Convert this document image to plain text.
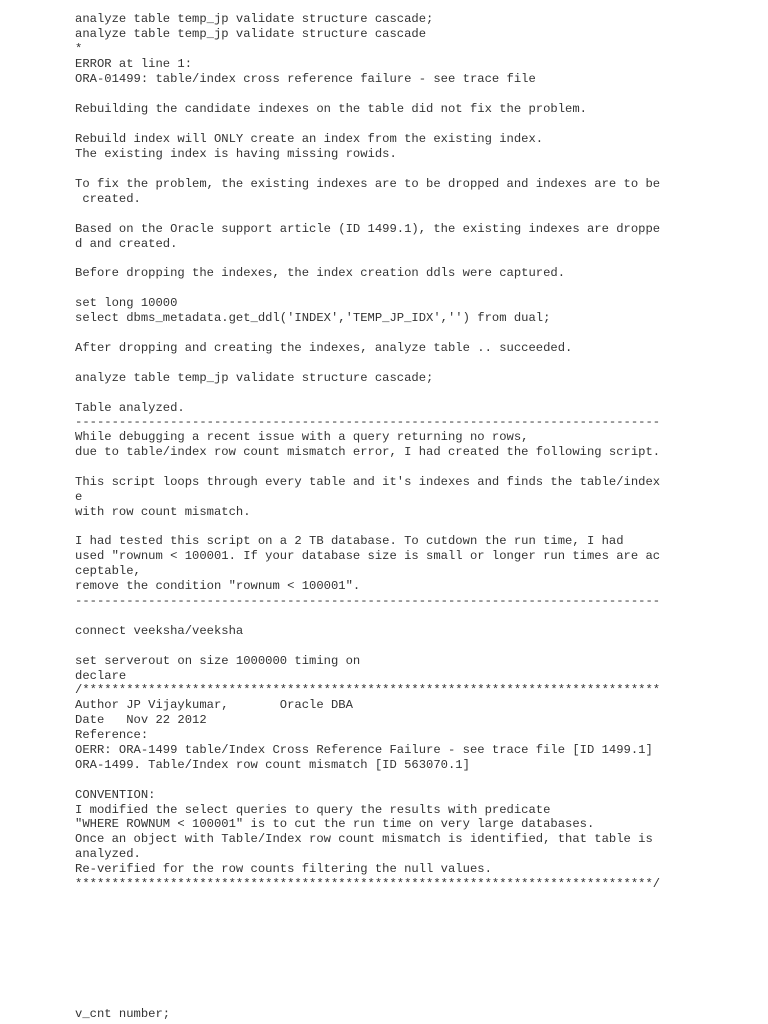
analyze table temp_jp validate structure cascade;

analyze table temp_jp validate structure cascade

*

ERROR at line 1:

ORA-01499: table/index cross reference failure - see trace file

Rebuilding the candidate indexes on the table did not fix the problem.

Rebuild index will ONLY create an index from the existing index.

The existing index is having missing rowids.

To fix the problem, the existing indexes are to be dropped and indexes are to be

created.

Based on the Oracle support article (ID 1499.1), the existing indexes are droppe

d and created.

Before dropping the indexes, the index creation ddls were captured.

set long 10000

select dbms_metadata.get_ddl('INDEX','TEMP_JP_IDX','') from dual;

After dropping and creating the indexes, analyze table .. succeeded.

analyze table temp_jp validate structure cascade;

Table analyzed.

--------------------------------------------------------------------------------

While debugging a recent issue with a query returning no rows,

due to table/index row count mismatch error, I had created the following script.

This script loops through every table and it's indexes and finds the table/index

e

with row count mismatch.

I had tested this script on a 2 TB database. To cutdown the run time, I had

used "rownum < 100001. If your database size is small or longer run times are ac

ceptable,

remove the condition "rownum < 100001".

--------------------------------------------------------------------------------

connect veeksha/veeksha

set serverout on size 1000000 timing on

declare

/*******************************************************************************

Author JP Vijaykumar,       Oracle DBA

Date   Nov 22 2012

Reference:

OERR: ORA-1499 table/Index Cross Reference Failure - see trace file [ID 1499.1]

ORA-1499. Table/Index row count mismatch [ID 563070.1]

CONVENTION:

I modified the select queries to query the results with predicate

"WHERE ROWNUM < 100001" is to cut the run time on very large databases.

Once an object with Table/Index row count mismatch is identified, that table is

analyzed.

Re-verified for the row counts filtering the null values.

*******************************************************************************/

v_cnt number;
